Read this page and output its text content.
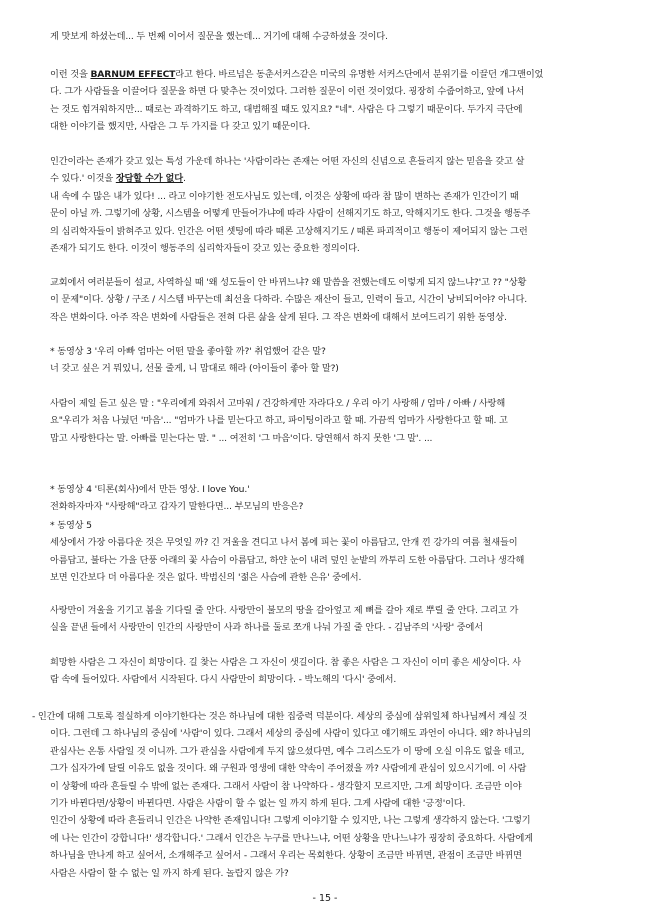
게 맛보게 하셨는데... 두 번째 이어서 질문을 했는데... 거기에 대해 수긍하셨을 것이다.
이런 것을 BARNUM EFFECT라고 한다. 바르넘은 동춘서커스같은 미국의 유명한 서커스단에서 분위기를 이끌던 개그맨이었
다. 그가 사람들을 이끌어다 질문을 하면 다 맞추는 것이었다. 그러한 질문이 이런 것이었다. 굉장히 수줍어하고, 앞에 나서
는 것도 힘겨워하지만... 때로는 과격하기도 하고, 대범해질 때도 있지요? "네". 사람은 다 그렇기 때문이다. 두가지 극단에
대한 이야기를 했지만, 사람은 그 두 가지를 다 갖고 있기 때문이다.
인간이라는 존재가 갖고 있는 특성 가운데 하나는 '사람이라는 존재는 어떤 자신의 신념으로 흔들리지 않는 믿음을 갖고 살
수 있다.' 이것을 장담할 수가 없다.
내 속에 수 많은 내가 있다! ... 라고 이야기한 전도사님도 있는데, 이것은 상황에 따라 참 많이 변하는 존재가 인간이기 때
문이 아닐 까. 그렇기에 상황, 시스템을 어떻게 만들어가냐에 따라 사람이 선해지기도 하고, 악해지기도 한다. 그것을 행동주
의 심리학자들이 밝혀주고 있다. 인간은 어떤 셋팅에 따라 때론 고상해지기도 / 때론 파괴적이고 행동이 제어되지 않는 그런
존재가 되기도 한다. 이것이 행동주의 심리학자들이 갖고 있는 중요한 정의이다.
교회에서 여러분들이 설교, 사역하실 때 '왜 성도들이 안 바뀌느냐? 왜 말씀을 전했는데도 이렇게 되지 않느냐?'고 ?? "상황
이 문제"이다. 상황 / 구조 / 시스템 바꾸는데 최선을 다하라. 수많은 재산이 들고, 인력이 들고, 시간이 낭비되어야? 아니다.
작은 변화이다. 아주 작은 변화에 사람들은 전혀 다른 삶을 살게 된다. 그 작은 변화에 대해서 보여드리기 위한 동영상.
* 동영상 3 '우리 아빠 엄마는 어떤 말을 좋아할 까?' 취업했어 같은 말?
너 갖고 싶은 거 뭐있니, 선물 줄게, 니 맘대로 해라 (아이들이 좋아 할 말?)
사람이 제일 듣고 싶은 말 : "우리에게 와줘서 고마워 / 건강하게만 자라다오 / 우리 아기 사랑해 / 엄마 / 아빠 / 사랑해
요"우리가 처음 나눴던 '마음'... "엄마가 나를 믿는다고 하고, 파이팅이라고 할 때. 가끔씩 엄마가 사랑한다고 할 때. 고
맙고 사랑한다는 말. 아빠를 믿는다는 말. " ... 여전히 '그 마음'이다. 당연해서 하지 못한 '그 말'. ...
* 동영상 4 '티론(회사)에서 만든 영상. I love You.'
전화하자마자 "사랑해"라고 갑자기 말한다면... 부모님의 반응은?
* 동영상 5
세상에서 가장 아름다운 것은 무엇일 까? 긴 겨울을 견디고 나서 봄에 피는 꽃이 아름답고, 안개 낀 강가의 여름 철새들이
아름답고, 불타는 가을 단풍 아래의 꽃 사슴이 아름답고, 하얀 눈이 내려 덮인 눈밭의 까투리 도한 아름답다. 그러나 생각해
보면 인간보다 더 아름다운 것은 없다. 박범신의 '젊은 사슴에 관한 은유' 중에서.
사랑만이 겨울을 기기고 봄을 기다릴 줄 안다. 사랑만이 불모의 땅을 갈아엎고 제 뼈를 갈아 재로 뿌릴 줄 안다. 그리고 가
실을 끝낸 들에서 사랑만이 인간의 사랑만이 사과 하나를 둘로 쪼개 나눠 가질 줄 안다. - 김남주의 '사랑' 중에서
희망한 사람은 그 자신이 희망이다. 길 찾는 사람은 그 자신이 샛길이다. 참 좋은 사람은 그 자신이 이미 좋은 세상이다. 사
람 속에 들어있다. 사람에서 시작된다. 다시 사람만이 희망이다. - 박노해의 '다시' 중에서.
- 인간에 대해 그토록 절실하게 이야기한다는 것은 하나님에 대한 집중력 덕분이다. 세상의 중심에 삼위일체 하나님께서 계실 것
이다. 그런데 그 하나님의 중심에 '사람'이 있다. 그래서 세상의 중심에 사람이 있다고 얘기해도 과언이 아니다. 왜? 하나님의
관심사는 온통 사람일 것 이니까. 그가 관심을 사람에게 두지 않으셨다면, 예수 그리스도가 이 땅에 오실 이유도 없을 테고,
그가 십자가에 달릴 이유도 없을 것이다. 왜 구원과 영생에 대한 약속이 주어졌을 까? 사람에게 관심이 있으시기에. 이 사람
이 상황에 따라 흔들릴 수 밖에 없는 존재다. 그래서 사람이 참 나약하다 - 생각할지 모르지만, 그게 희망이다. 조금만 이야
기가 바뀐다면/상황이 바뀐다면. 사람은 사람이 할 수 없는 일 까지 하게 된다. 그게 사람에 대한 '긍정'이다.
인간이 상황에 따라 흔들리니 인간은 나약한 존재입니다! 그렇게 이야기할 수 있지만, 나는 그렇게 생각하지 않는다. '그렇기
에 나는 인간이 강합니다!' 생각합니다.' 그래서 인간은 누구를 만나느냐, 어떤 상황을 만나느냐가 굉장히 중요하다. 사람에게
하나님을 만나게 하고 싶어서, 소개해주고 싶어서 - 그래서 우리는 목회한다. 상황이 조금만 바뀌면, 관점이 조금만 바뀌면
사람은 사람이 할 수 없는 일 까지 하게 된다. 놀랍지 않은 가?
- 15 -
